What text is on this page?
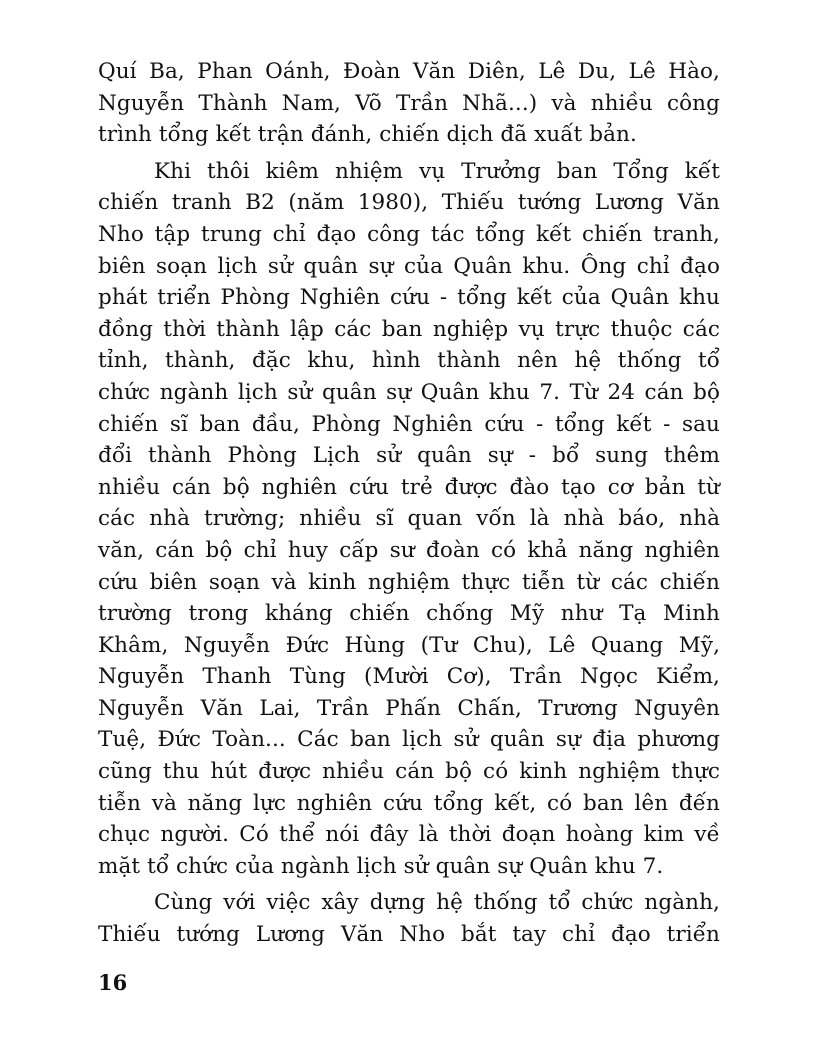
Quí Ba, Phan Oánh, Đoàn Văn Diên, Lê Du, Lê Hào,
Nguyễn Thành Nam, Võ Trần Nhã...) và nhiều công
trình tổng kết trận đánh, chiến dịch đã xuất bản.
Khi thôi kiêm nhiệm vụ Trưởng ban Tổng kết
chiến tranh B2 (năm 1980), Thiếu tướng Lương Văn
Nho tập trung chỉ đạo công tác tổng kết chiến tranh,
biên soạn lịch sử quân sự của Quân khu. Ông chỉ đạo
phát triển Phòng Nghiên cứu - tổng kết của Quân khu
đồng thời thành lập các ban nghiệp vụ trực thuộc các
tỉnh, thành, đặc khu, hình thành nên hệ thống tổ
chức ngành lịch sử quân sự Quân khu 7. Từ 24 cán bộ
chiến sĩ ban đầu, Phòng Nghiên cứu - tổng kết - sau
đổi thành Phòng Lịch sử quân sự - bổ sung thêm
nhiều cán bộ nghiên cứu trẻ được đào tạo cơ bản từ
các nhà trường; nhiều sĩ quan vốn là nhà báo, nhà
văn, cán bộ chỉ huy cấp sư đoàn có khả năng nghiên
cứu biên soạn và kinh nghiệm thực tiễn từ các chiến
trường trong kháng chiến chống Mỹ như Tạ Minh
Khâm, Nguyễn Đức Hùng (Tư Chu), Lê Quang Mỹ,
Nguyễn Thanh Tùng (Mười Cơ), Trần Ngọc Kiểm,
Nguyễn Văn Lai, Trần Phấn Chấn, Trương Nguyên
Tuệ, Đức Toàn... Các ban lịch sử quân sự địa phương
cũng thu hút được nhiều cán bộ có kinh nghiệm thực
tiễn và năng lực nghiên cứu tổng kết, có ban lên đến
chục người. Có thể nói đây là thời đoạn hoàng kim về
mặt tổ chức của ngành lịch sử quân sự Quân khu 7.
Cùng với việc xây dựng hệ thống tổ chức ngành,
Thiếu tướng Lương Văn Nho bắt tay chỉ đạo triển
16
